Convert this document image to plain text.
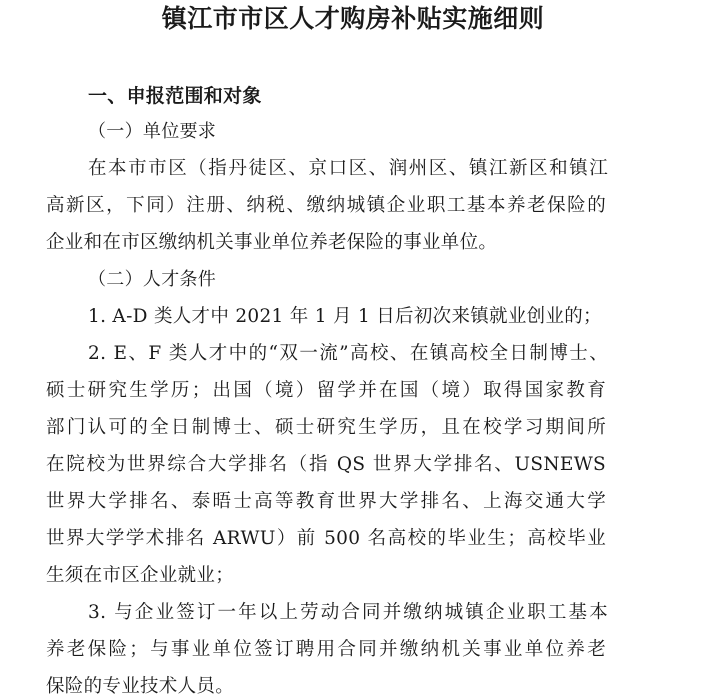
镇江市市区人才购房补贴实施细则
一、申报范围和对象
（一）单位要求
在本市市区（指丹徒区、京口区、润州区、镇江新区和镇江
高新区，下同）注册、纳税、缴纳城镇企业职工基本养老保险的
企业和在市区缴纳机关事业单位养老保险的事业单位。
（二）人才条件
1. A-D 类人才中 2021 年 1 月 1 日后初次来镇就业创业的；
2. E、F 类人才中的“双一流”高校、在镇高校全日制博士、
硕士研究生学历；出国（境）留学并在国（境）取得国家教育
部门认可的全日制博士、硕士研究生学历，且在校学习期间所
在院校为世界综合大学排名（指 QS 世界大学排名、USNEWS
世界大学排名、泰晤士高等教育世界大学排名、上海交通大学
世界大学学术排名 ARWU）前 500 名高校的毕业生；高校毕业
生须在市区企业就业；
3. 与企业签订一年以上劳动合同并缴纳城镇企业职工基本
养老保险；与事业单位签订聘用合同并缴纳机关事业单位养老
保险的专业技术人员。
